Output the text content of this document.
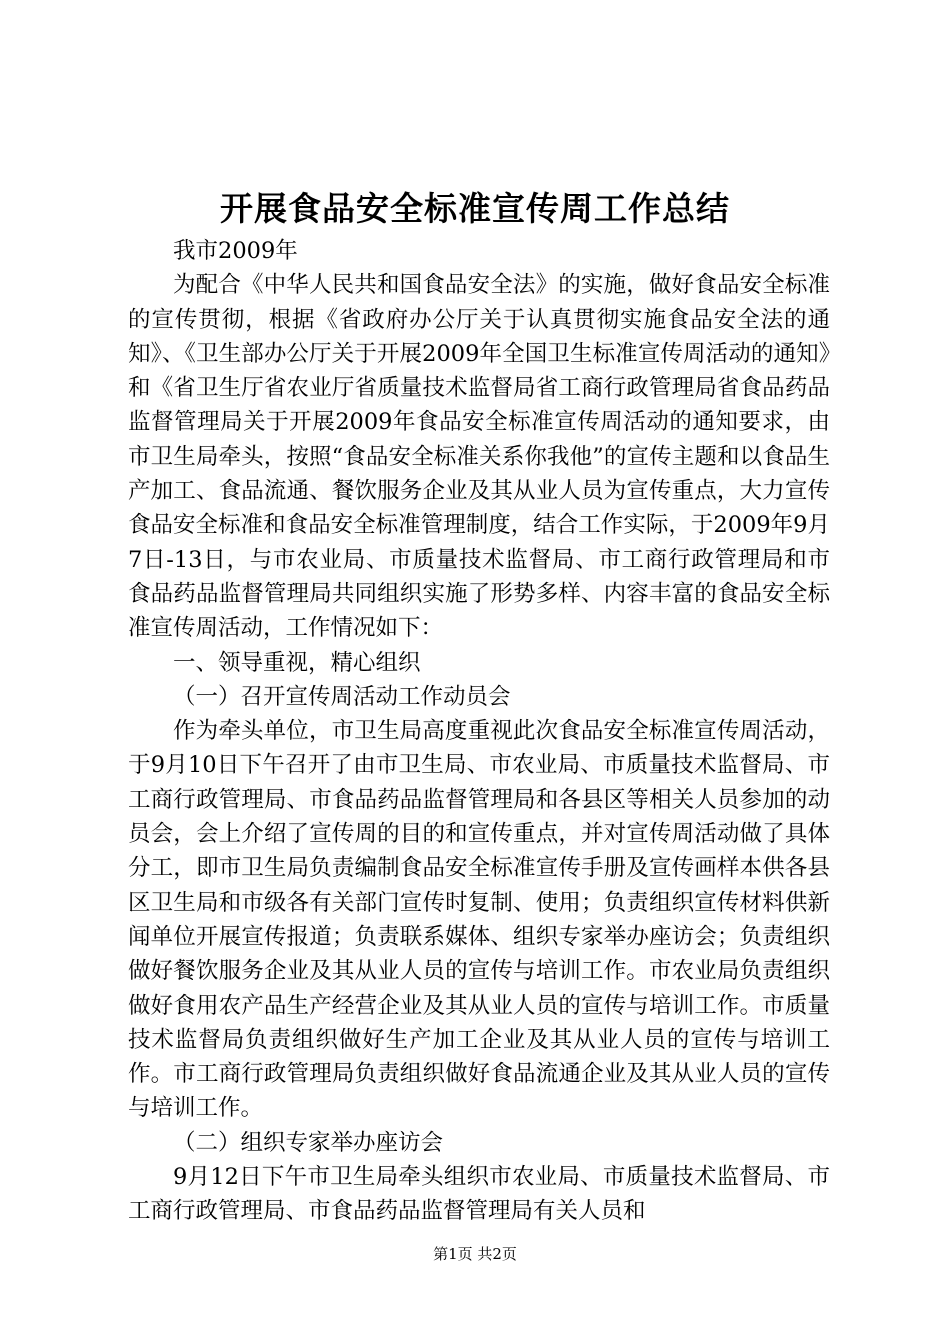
开展食品安全标准宣传周工作总结

我市2009年

为配合《中华人民共和国食品安全法》的实施，做好食品安全标准的宣传贯彻，根据《省政府办公厅关于认真贯彻实施食品安全法的通知》、《卫生部办公厅关于开展2009年全国卫生标准宣传周活动的通知》和《省卫生厅省农业厅省质量技术监督局省工商行政管理局省食品药品监督管理局关于开展2009年食品安全标准宣传周活动的通知要求，由市卫生局牵头，按照“食品安全标准关系你我他”的宣传主题和以食品生产加工、食品流通、餐饮服务企业及其从业人员为宣传重点，大力宣传食品安全标准和食品安全标准管理制度，结合工作实际，于2009年9月7日-13日，与市农业局、市质量技术监督局、市工商行政管理局和市食品药品监督管理局共同组织实施了形势多样、内容丰富的食品安全标准宣传周活动，工作情况如下：

一、领导重视，精心组织

（一）召开宣传周活动工作动员会

作为牵头单位，市卫生局高度重视此次食品安全标准宣传周活动，于9月10日下午召开了由市卫生局、市农业局、市质量技术监督局、市工商行政管理局、市食品药品监督管理局和各县区等相关人员参加的动员会，会上介绍了宣传周的目的和宣传重点，并对宣传周活动做了具体分工，即市卫生局负责编制食品安全标准宣传手册及宣传画样本供各县区卫生局和市级各有关部门宣传时复制、使用；负责组织宣传材料供新闻单位开展宣传报道；负责联系媒体、组织专家举办座访会；负责组织做好餐饮服务企业及其从业人员的宣传与培训工作。市农业局负责组织做好食用农产品生产经营企业及其从业人员的宣传与培训工作。市质量技术监督局负责组织做好生产加工企业及其从业人员的宣传与培训工作。市工商行政管理局负责组织做好食品流通企业及其从业人员的宣传与培训工作。

（二）组织专家举办座访会

9月12日下午市卫生局牵头组织市农业局、市质量技术监督局、市工商行政管理局、市食品药品监督管理局有关人员和

第1页 共2页
